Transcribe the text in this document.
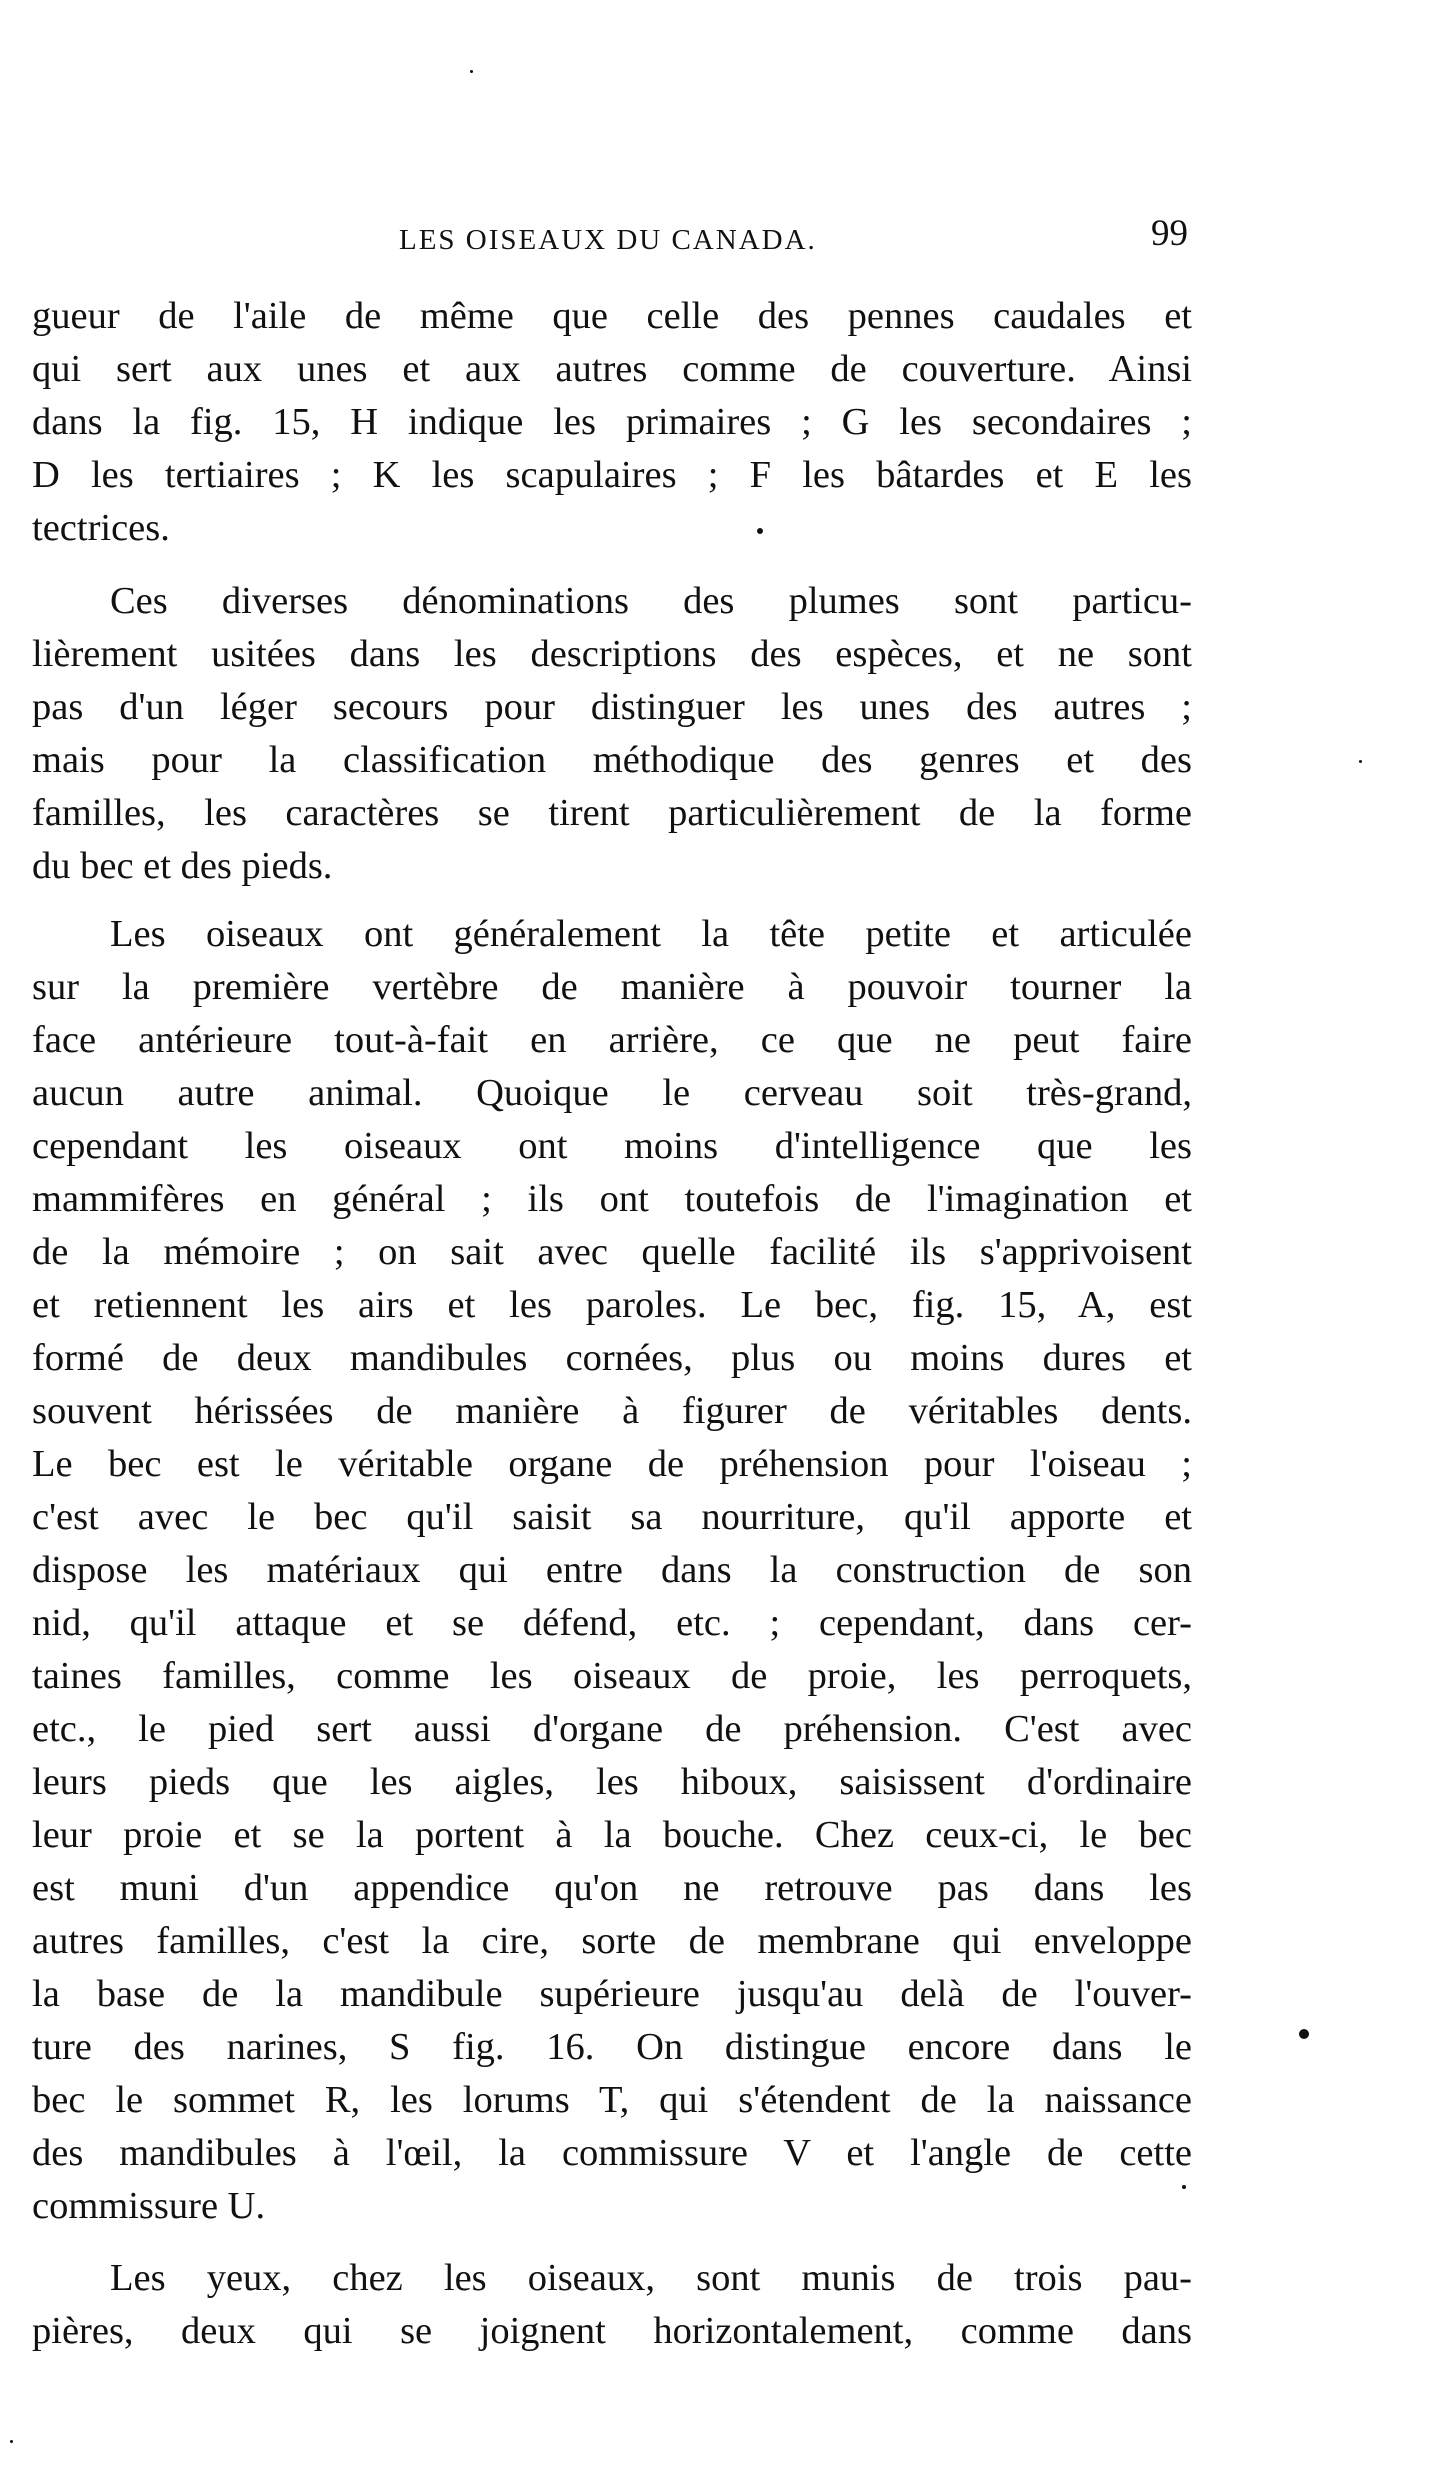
LES OISEAUX DU CANADA.	99
gueur de l'aile de même que celle des pennes caudales et
qui sert aux unes et aux autres comme de couverture. Ainsi
dans la fig. 15, H indique les primaires ; G les secondaires ;
D les tertiaires ; K les scapulaires ; F les bâtardes et E les
tectrices.
Ces diverses dénominations des plumes sont particu-
lièrement usitées dans les descriptions des espèces, et ne sont
pas d'un léger secours pour distinguer les unes des autres ;
mais pour la classification méthodique des genres et des
familles, les caractères se tirent particulièrement de la forme
du bec et des pieds.
Les oiseaux ont généralement la tête petite et articulée
sur la première vertèbre de manière à pouvoir tourner la
face antérieure tout-à-fait en arrière, ce que ne peut faire
aucun autre animal. Quoique le cerveau soit très-grand,
cependant les oiseaux ont moins d'intelligence que les
mammifères en général ; ils ont toutefois de l'imagination et
de la mémoire ; on sait avec quelle facilité ils s'apprivoisent
et retiennent les airs et les paroles. Le bec, fig. 15, A, est
formé de deux mandibules cornées, plus ou moins dures et
souvent hérissées de manière à figurer de véritables dents.
Le bec est le véritable organe de préhension pour l'oiseau ;
c'est avec le bec qu'il saisit sa nourriture, qu'il apporte et
dispose les matériaux qui entre dans la construction de son
nid, qu'il attaque et se défend, etc. ; cependant, dans cer-
taines familles, comme les oiseaux de proie, les perroquets,
etc., le pied sert aussi d'organe de préhension. C'est avec
leurs pieds que les aigles, les hiboux, saisissent d'ordinaire
leur proie et se la portent à la bouche. Chez ceux-ci, le bec
est muni d'un appendice qu'on ne retrouve pas dans les
autres familles, c'est la cire, sorte de membrane qui enveloppe
la base de la mandibule supérieure jusqu'au delà de l'ouver-
ture des narines, S fig. 16. On distingue encore dans le
bec le sommet R, les lorums T, qui s'étendent de la naissance
des mandibules à l'œil, la commissure V et l'angle de cette
commissure U.
Les yeux, chez les oiseaux, sont munis de trois pau-
pières, deux qui se joignent horizontalement, comme dans
